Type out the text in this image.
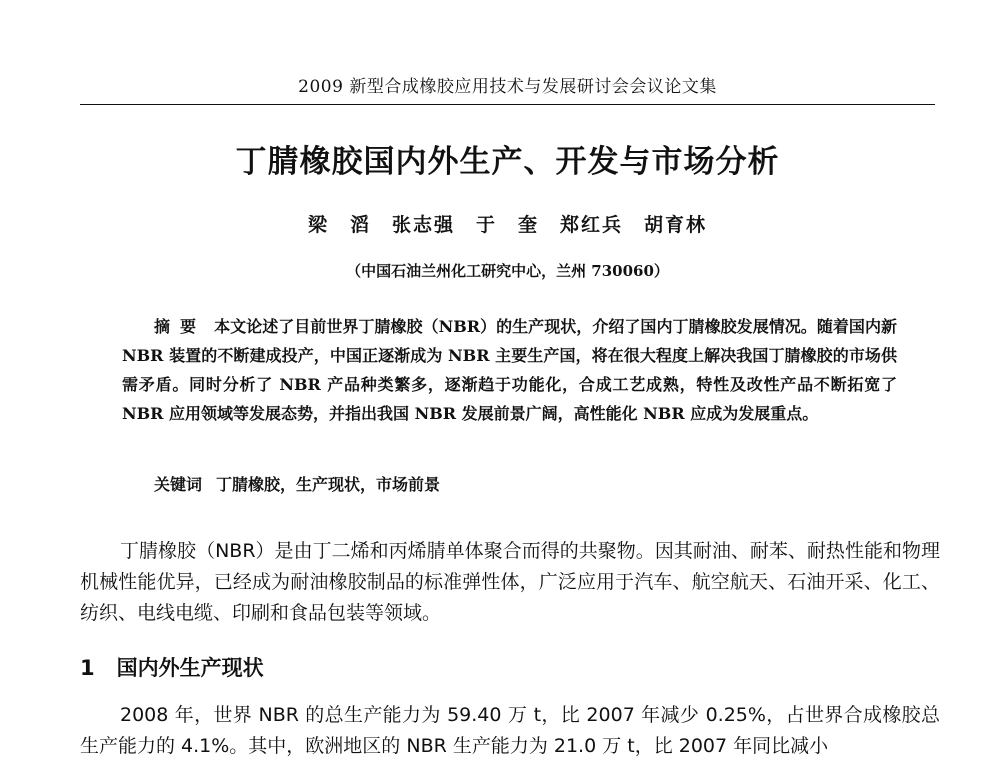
2009 新型合成橡胶应用技术与发展研讨会会议论文集
丁腈橡胶国内外生产、开发与市场分析
梁　滔　张志强　于　奎　郑红兵　胡育林
（中国石油兰州化工研究中心，兰州 730060）
摘要 本文论述了目前世界丁腈橡胶（NBR）的生产现状，介绍了国内丁腈橡胶发展情况。随着国内新 NBR 装置的不断建成投产，中国正逐渐成为 NBR 主要生产国，将在很大程度上解决我国丁腈橡胶的市场供需矛盾。同时分析了 NBR 产品种类繁多，逐渐趋于功能化，合成工艺成熟，特性及改性产品不断拓宽了 NBR 应用领域等发展态势，并指出我国 NBR 发展前景广阔，高性能化 NBR 应成为发展重点。
关键词 丁腈橡胶，生产现状，市场前景
丁腈橡胶（NBR）是由丁二烯和丙烯腈单体聚合而得的共聚物。因其耐油、耐苯、耐热性能和物理机械性能优异，已经成为耐油橡胶制品的标准弹性体，广泛应用于汽车、航空航天、石油开采、化工、纺织、电线电缆、印刷和食品包装等领域。
1 国内外生产现状
2008 年，世界 NBR 的总生产能力为 59.40 万 t，比 2007 年减少 0.25%，占世界合成橡胶总生产能力的 4.1%。其中，欧洲地区的 NBR 生产能力为 21.0 万 t，比 2007 年同比减小
